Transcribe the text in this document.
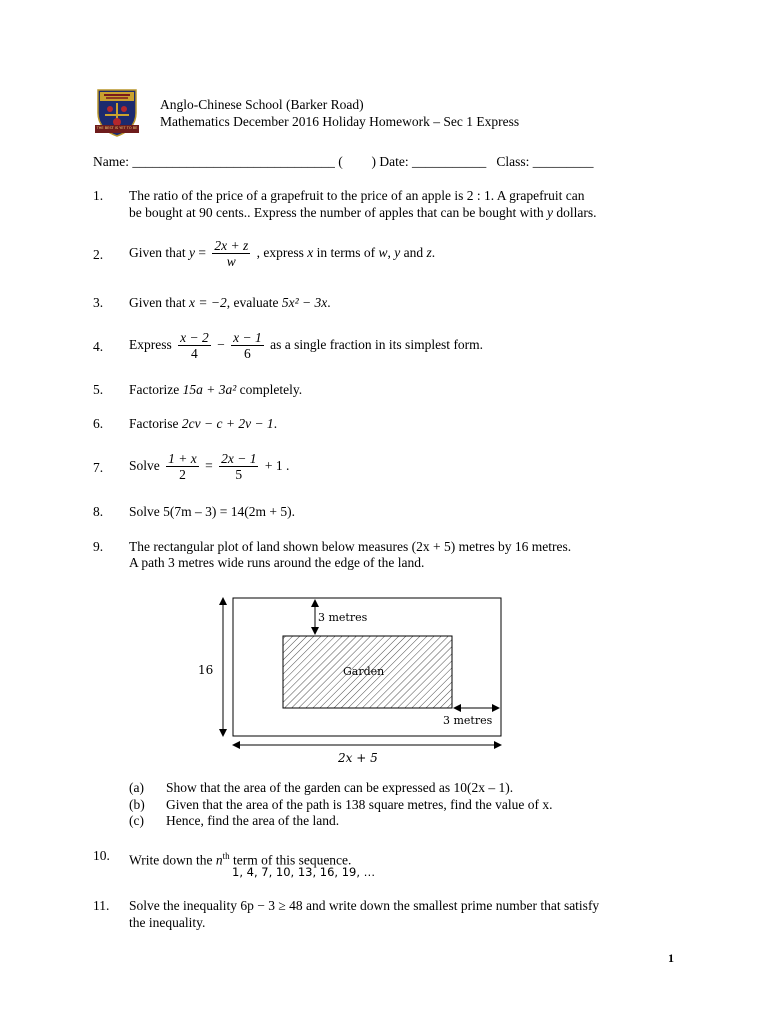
THE BEST IS YET TO BE
Anglo-Chinese School (Barker Road)
Mathematics December 2016 Holiday Homework – Sec 1 Express
Name: ______________________________ ( ) Date: ___________ Class: _________
1. The ratio of the price of a grapefruit to the price of an apple is 2 : 1. A grapefruit can
be bought at 90 cents.. Express the number of apples that can be bought with y dollars.
2. Given that $y = \frac{2x + z}{w}$ , express x in terms of w, y and z.
3. Given that x = −2, evaluate 5x² − 3x.
4. Express $\frac{x - 2}{4} - \frac{x - 1}{6}$ as a single fraction in its simplest form.
5. Factorize 15a + 3a² completely.
6. Factorise 2cv − c + 2v − 1.
7. Solve $\frac{1 + x}{2} = \frac{2x - 1}{5} + 1$ .
8. Solve 5(7m – 3) = 14(2m + 5).
9. The rectangular plot of land shown below measures (2x + 5) metres by 16 metres.
A path 3 metres wide runs around the edge of the land.
3 metres
Garden
3 metres
16
2x + 5
(a) Show that the area of the garden can be expressed as 10(2x – 1).
(b) Given that the area of the path is 138 square metres, find the value of x.
(c) Hence, find the area of the land.
10. Write down the $n^{th}$ term of this sequence.
1, 4, 7, 10, 13, 16, 19, …
11. Solve the inequality 6p − 3 ≥ 48 and write down the smallest prime number that satisfy
the inequality.
1
